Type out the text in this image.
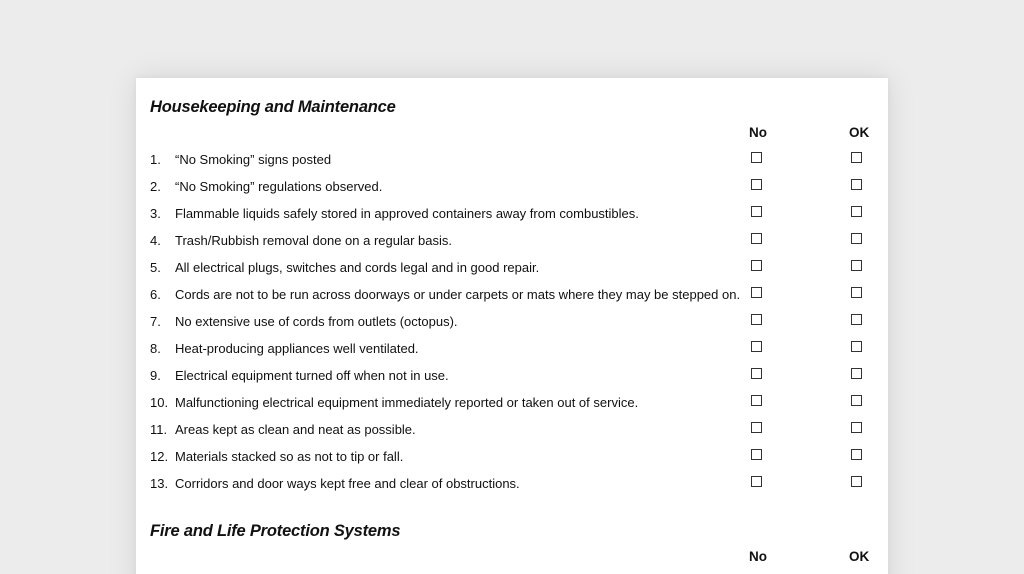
Housekeeping and Maintenance
No	OK
1. “No Smoking” signs posted
2. “No Smoking” regulations observed.
3. Flammable liquids safely stored in approved containers away from combustibles.
4. Trash/Rubbish removal done on a regular basis.
5. All electrical plugs, switches and cords legal and in good repair.
6. Cords are not to be run across doorways or under carpets or mats where they may be stepped on.
7. No extensive use of cords from outlets (octopus).
8. Heat-producing appliances well ventilated.
9. Electrical equipment turned off when not in use.
10. Malfunctioning electrical equipment immediately reported or taken out of service.
11. Areas kept as clean and neat as possible.
12. Materials stacked so as not to tip or fall.
13. Corridors and door ways kept free and clear of obstructions.
Fire and Life Protection Systems
No	OK
